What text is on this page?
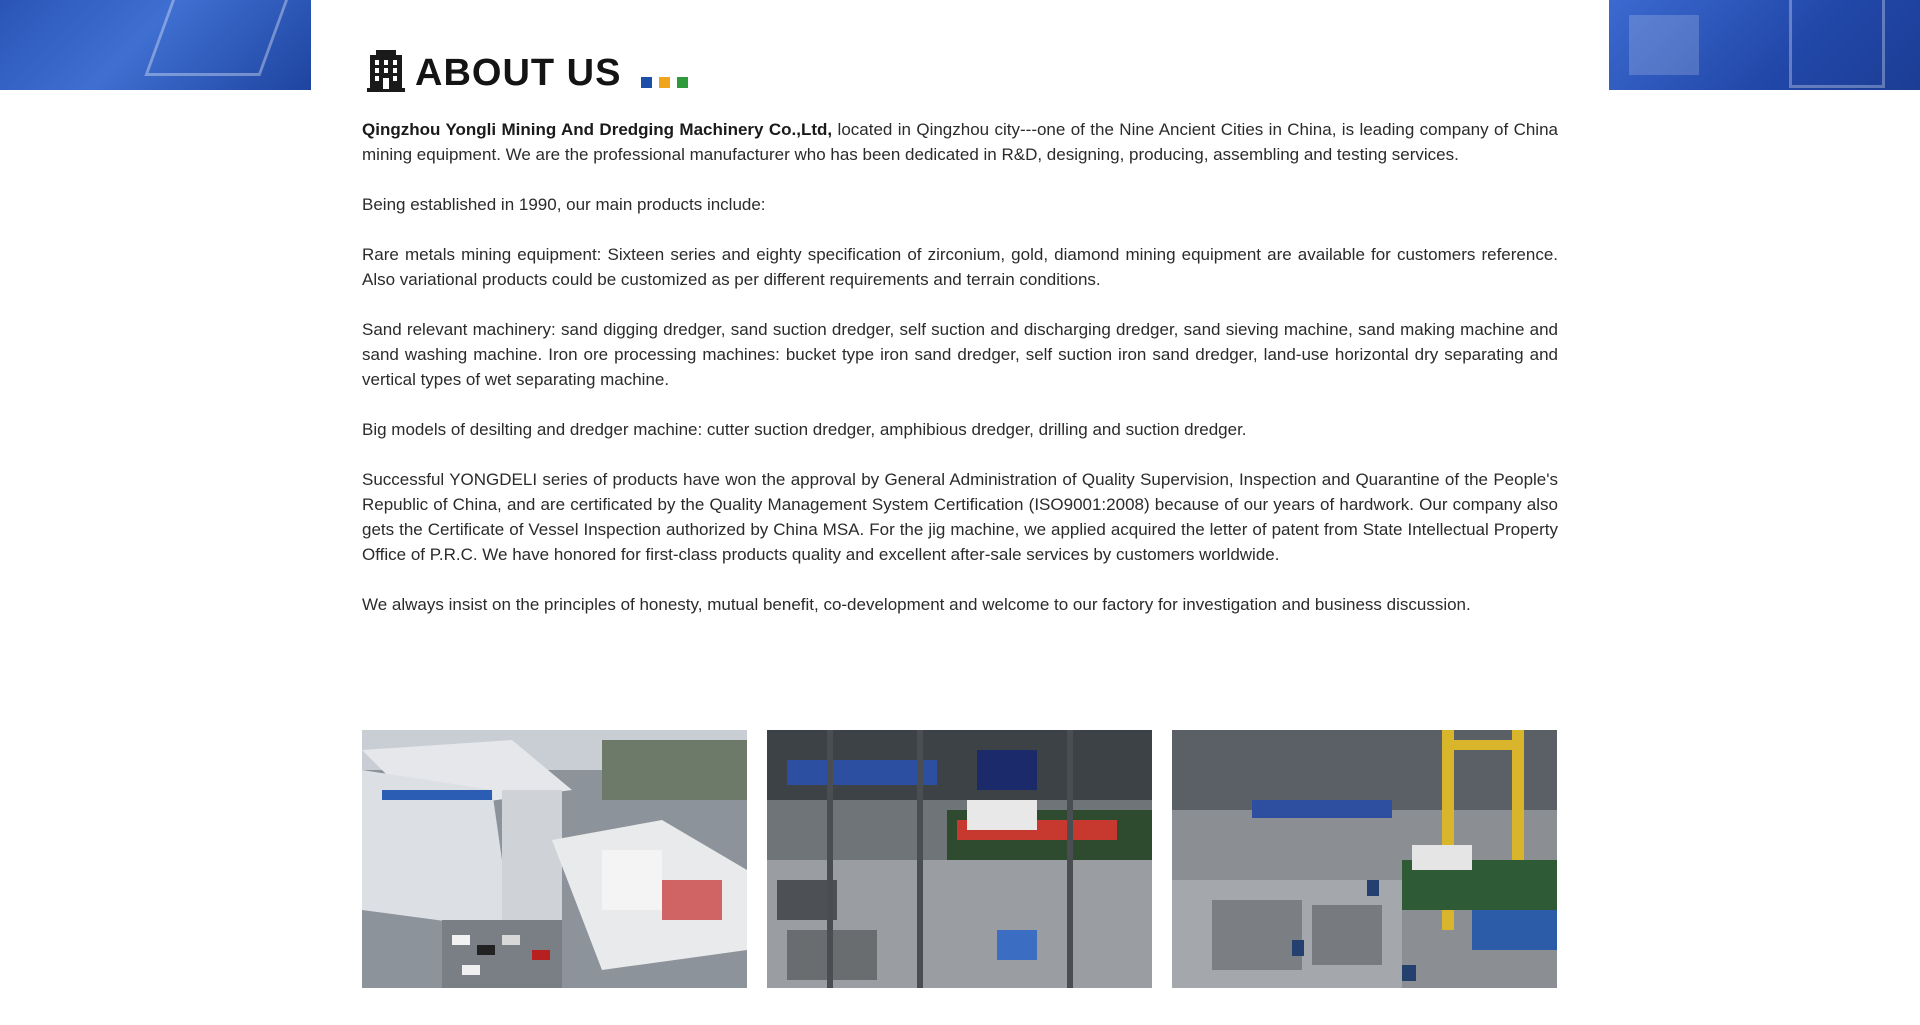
ABOUT US

Qingzhou Yongli Mining And Dredging Machinery Co.,Ltd, located in Qingzhou city---one of the Nine Ancient Cities in China, is leading company of China mining equipment. We are the professional manufacturer who has been dedicated in R&D, designing, producing, assembling and testing services.

Being established in 1990, our main products include:

Rare metals mining equipment: Sixteen series and eighty specification of zirconium, gold, diamond mining equipment are available for customers reference. Also variational products could be customized as per different requirements and terrain conditions.

Sand relevant machinery: sand digging dredger, sand suction dredger, self suction and discharging dredger, sand sieving machine, sand making machine and sand washing machine. Iron ore processing machines: bucket type iron sand dredger, self suction iron sand dredger, land-use horizontal dry separating and vertical types of wet separating machine.

Big models of desilting and dredger machine: cutter suction dredger, amphibious dredger, drilling and suction dredger.

Successful YONGDELI series of products have won the approval by General Administration of Quality Supervision, Inspection and Quarantine of the People's Republic of China, and are certificated by the Quality Management System Certification (ISO9001:2008) because of our years of hardwork. Our company also gets the Certificate of Vessel Inspection authorized by China MSA. For the jig machine, we applied acquired the letter of patent from State Intellectual Property Office of P.R.C. We have honored for first-class products quality and excellent after-sale services by customers worldwide.

We always insist on the principles of honesty, mutual benefit, co-development and welcome to our factory for investigation and business discussion.
